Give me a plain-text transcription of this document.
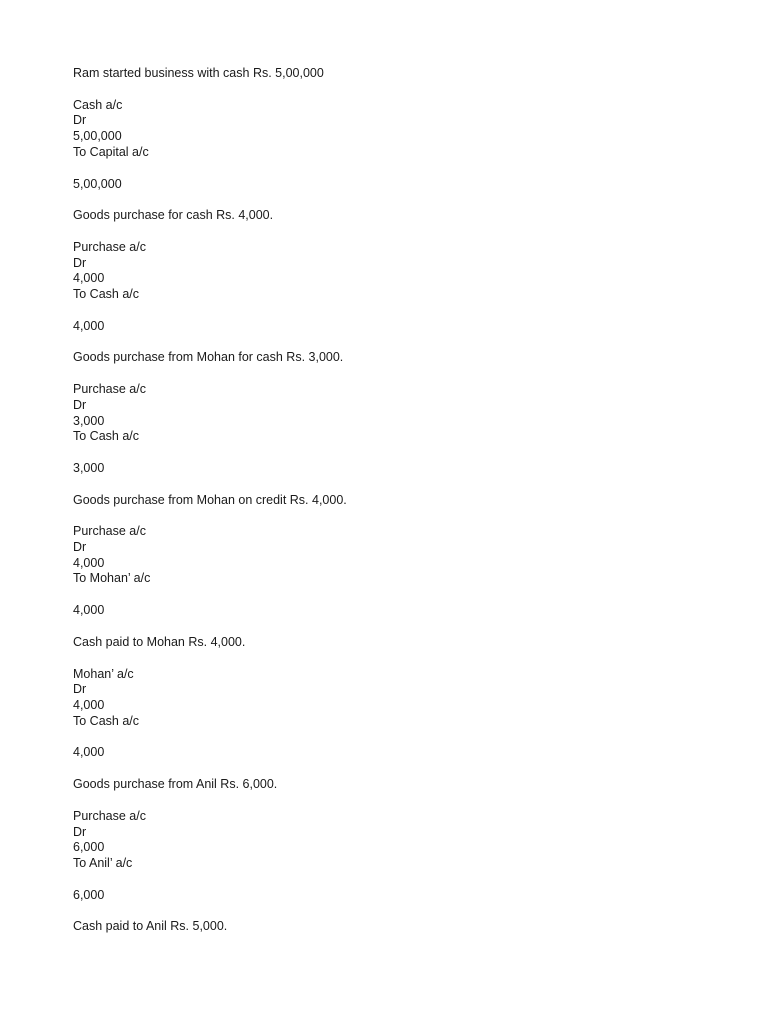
Ram started business with cash Rs. 5,00,000
Cash a/c
Dr
5,00,000
To Capital a/c
5,00,000
Goods purchase for cash Rs. 4,000.
Purchase a/c
Dr
4,000
To Cash a/c
4,000
Goods purchase from Mohan for cash Rs. 3,000.
Purchase a/c
Dr
3,000
To Cash a/c
3,000
Goods purchase from Mohan on credit Rs. 4,000.
Purchase a/c
Dr
4,000
To Mohan’ a/c
4,000
Cash paid to Mohan Rs. 4,000.
Mohan’ a/c
Dr
4,000
To Cash a/c
4,000
Goods purchase from Anil Rs. 6,000.
Purchase a/c
Dr
6,000
To Anil’ a/c
6,000
Cash paid to Anil Rs. 5,000.
